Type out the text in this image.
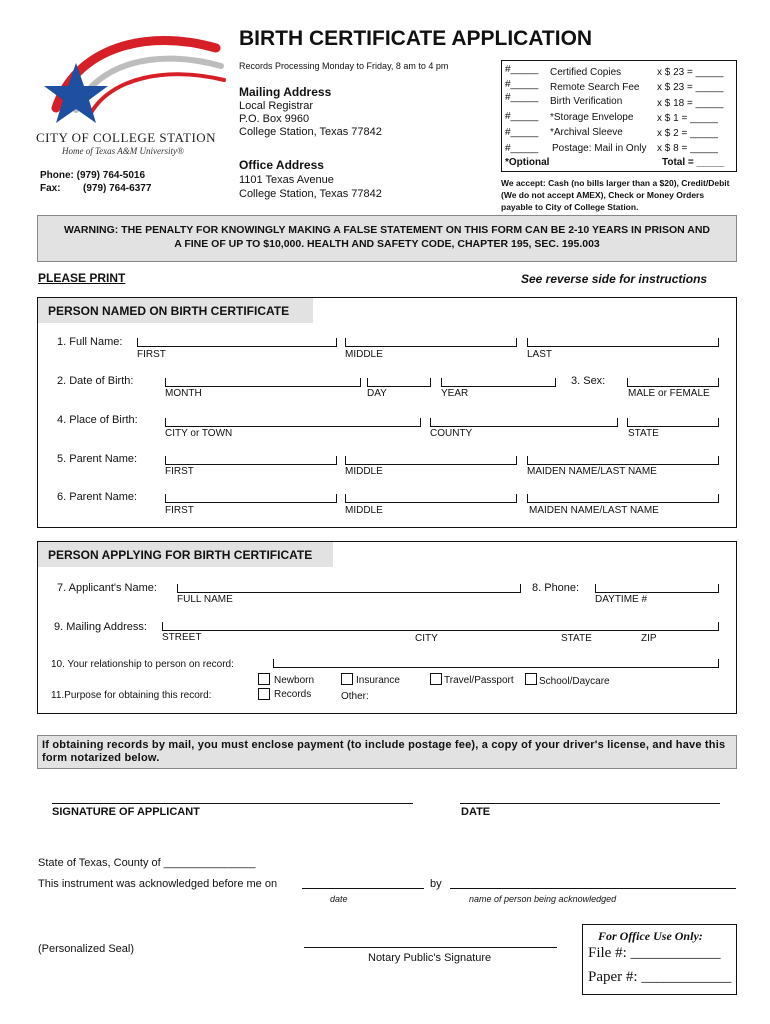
CITY OF COLLEGE STATION
Home of Texas A&M University®
Phone: (979) 764-5016
Fax: (979) 764-6377
BIRTH CERTIFICATE APPLICATION
Records Processing Monday to Friday, 8 am to 4 pm
Mailing Address
Local Registrar
P.O. Box 9960
College Station, Texas 77842
Office Address
1101 Texas Avenue
College Station, Texas 77842
#_____ Certified Copies	x $ 23 = _____
#_____ Remote Search Fee x $ 23 = _____
#_____ Birth Verification	x $ 18 = _____
#_____ *Storage Envelope x $ 1 = _____
#_____ *Archival Sleeve	x $ 2 = _____
#_____ Postage: Mail in Only x $ 8 = _____
*Optional	Total = _____
We accept: Cash (no bills larger than a $20), Credit/Debit (We do not accept AMEX), Check or Money Orders payable to City of College Station.
WARNING: THE PENALTY FOR KNOWINGLY MAKING A FALSE STATEMENT ON THIS FORM CAN BE 2-10 YEARS IN PRISON AND A FINE OF UP TO $10,000. HEALTH AND SAFETY CODE, CHAPTER 195, SEC. 195.003
PLEASE PRINT	See reverse side for instructions
PERSON NAMED ON BIRTH CERTIFICATE
1. Full Name:
FIRST	MIDDLE	LAST
2. Date of Birth:
MONTH	DAY	YEAR
3. Sex:
MALE or FEMALE
4. Place of Birth:
CITY or TOWN	COUNTY	STATE
5. Parent Name:
FIRST	MIDDLE	MAIDEN NAME/LAST NAME
6. Parent Name:
FIRST	MIDDLE	MAIDEN NAME/LAST NAME
PERSON APPLYING FOR BIRTH CERTIFICATE
7. Applicant's Name:
FULL NAME
8. Phone:
DAYTIME #
9. Mailing Address:
STREET	CITY	STATE	ZIP
10. Your relationship to person on record:
11.Purpose for obtaining this record:
Newborn
Records
Insurance	Travel/Passport	School/Daycare
Other:
If obtaining records by mail, you must enclose payment (to include postage fee), a copy of your driver's license, and have this form notarized below.
SIGNATURE OF APPLICANT	DATE
State of Texas, County of _______________
This instrument was acknowledged before me on	by
date	name of person being acknowledged
(Personalized Seal)
Notary Public's Signature
For Office Use Only:
File #: ____________
Paper #: ____________
